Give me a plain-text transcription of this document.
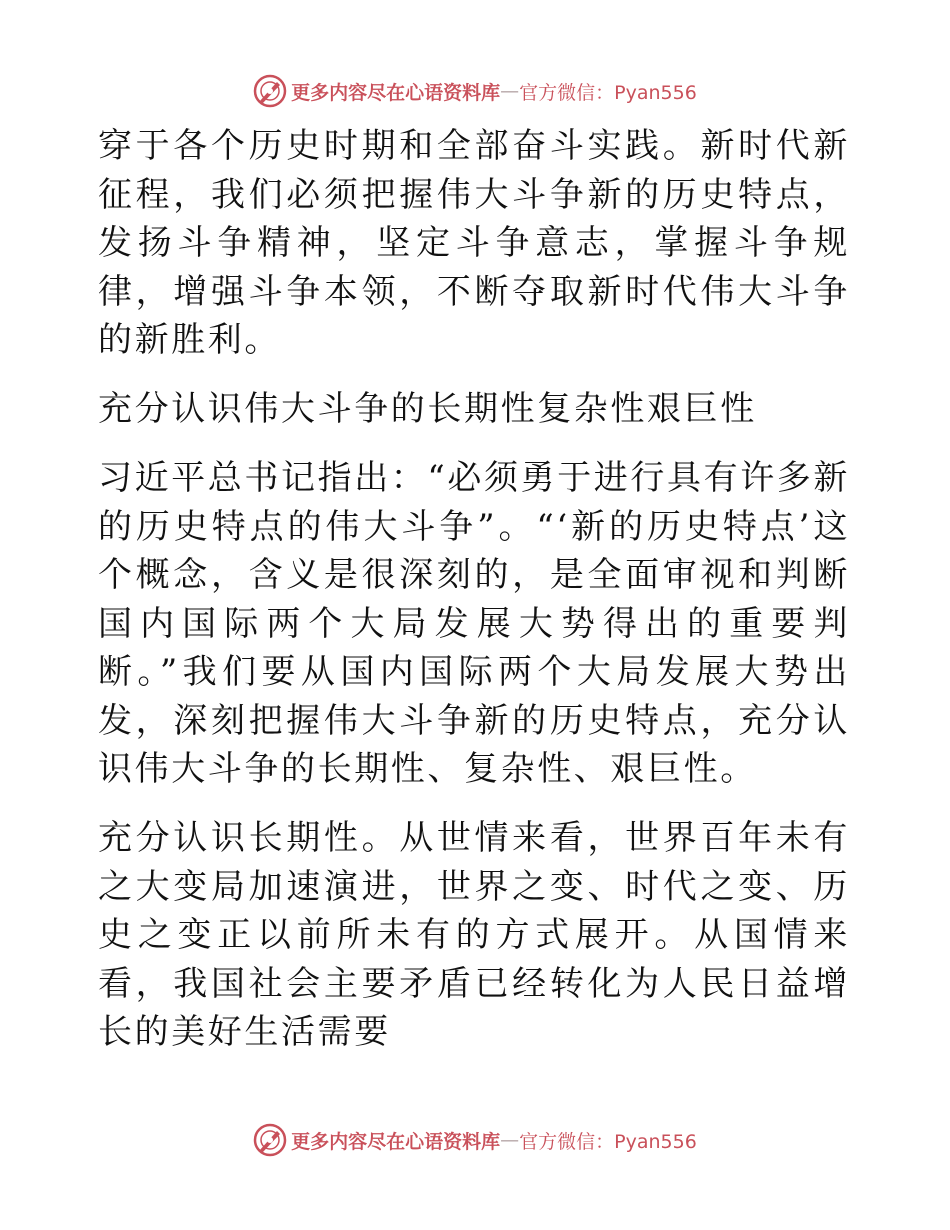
更多内容尽在心语资料库 — 官方微信：Pyan556

穿于各个历史时期和全部奋斗实践。新时代新征程，我们必须把握伟大斗争新的历史特点，发扬斗争精神，坚定斗争意志，掌握斗争规律，增强斗争本领，不断夺取新时代伟大斗争的新胜利。

充分认识伟大斗争的长期性复杂性艰巨性

习近平总书记指出：“必须勇于进行具有许多新的历史特点的伟大斗争”。“‘新的历史特点’这个概念，含义是很深刻的，是全面审视和判断国内国际两个大局发展大势得出的重要判断。”我们要从国内国际两个大局发展大势出发，深刻把握伟大斗争新的历史特点，充分认识伟大斗争的长期性、复杂性、艰巨性。

充分认识长期性。从世情来看，世界百年未有之大变局加速演进，世界之变、时代之变、历史之变正以前所未有的方式展开。从国情来看，我国社会主要矛盾已经转化为人民日益增长的美好生活需要

更多内容尽在心语资料库 — 官方微信：Pyan556
